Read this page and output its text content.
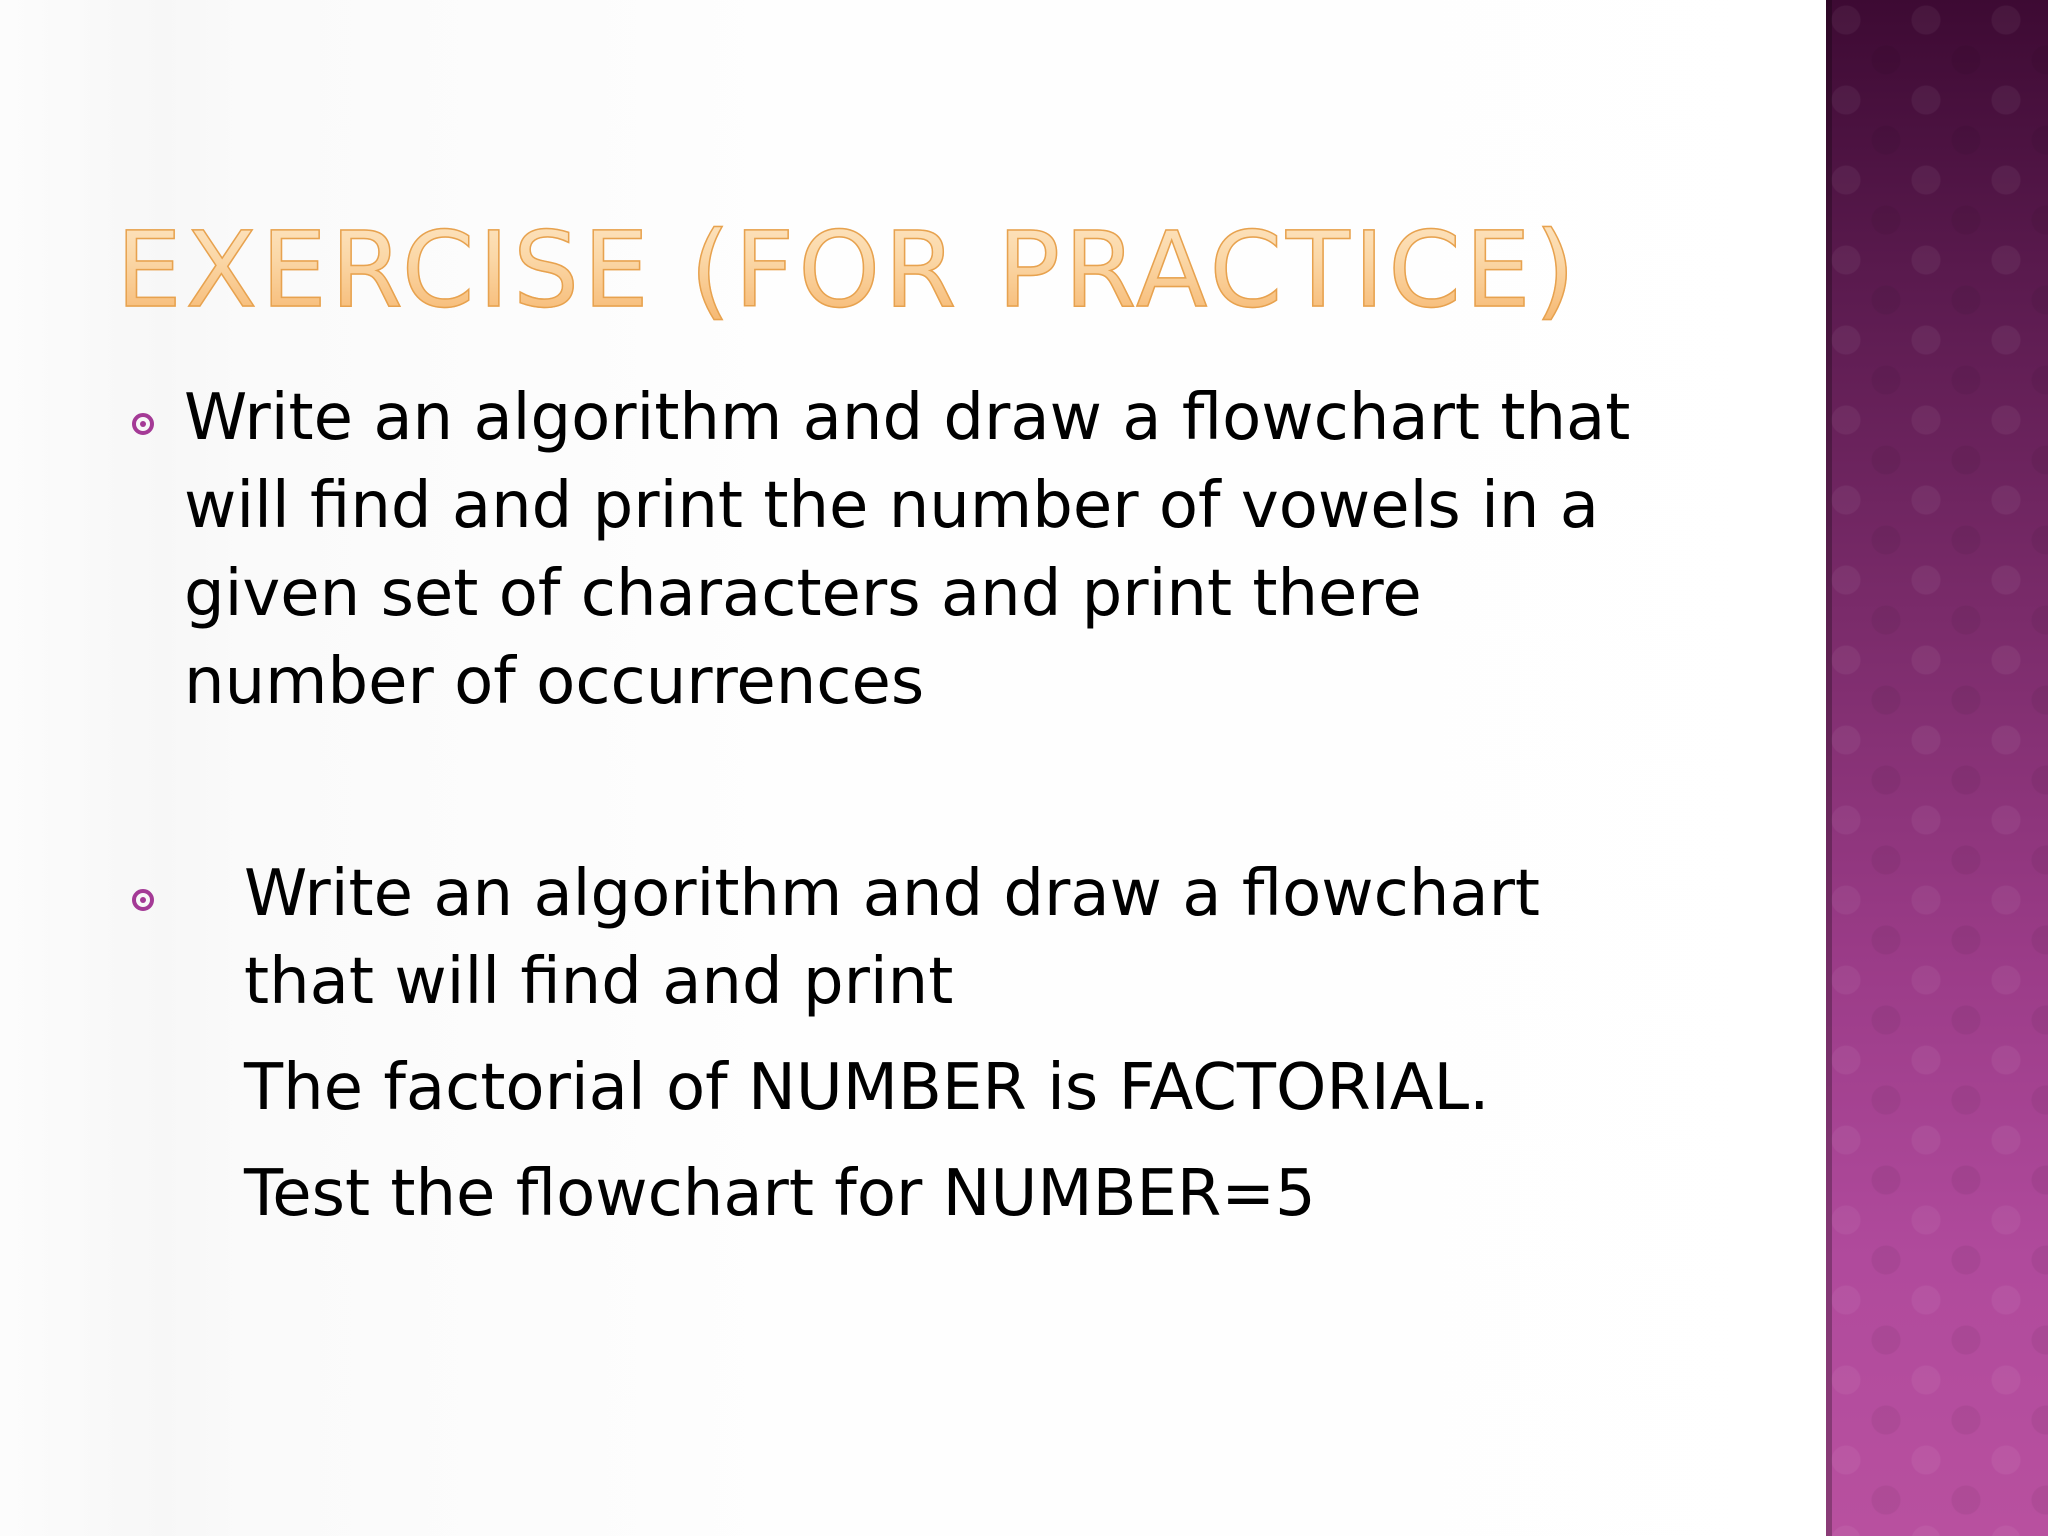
EXERCISE (FOR PRACTICE)
Write an algorithm and draw a flowchart that
will find and print the number of vowels in a
given set of characters and print there
number of occurrences
Write an algorithm and draw a flowchart
that will find and print
The factorial of NUMBER is FACTORIAL.
Test the flowchart for NUMBER=5
